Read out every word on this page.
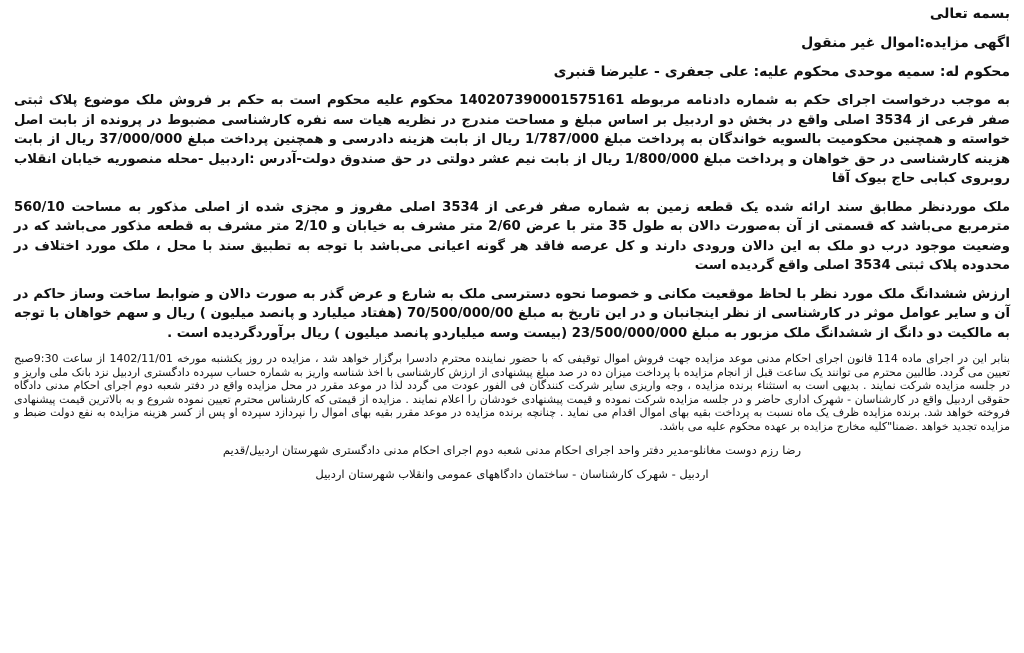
بسمه تعالی
اگهی مزایده:اموال غیر منقول
محکوم له: سمیه موحدی محکوم علیه: علی جعفری - علیرضا قنبری

به موجب درخواست اجرای حکم به شماره دادنامه مربوطه 140207390001575161 محکوم علیه محکوم است به حکم بر فروش ملک موضوع پلاک ثبتی صفر فرعی از 3534 اصلی واقع در بخش دو اردبیل بر اساس مبلغ و مساحت مندرج در نظریه هیات سه نفره کارشناسی مضبوط در پرونده از بابت اصل خواسته و همچنین محکومیت بالسویه خواندگان به پرداخت مبلغ 1/787/000 ریال از بابت هزینه دادرسی و همچنین پرداخت مبلغ 37/000/000 ریال از بابت هزینه کارشناسی در حق خواهان و پرداخت مبلغ 1/800/000 ریال از بابت نیم عشر دولتی در حق صندوق دولت-آدرس :اردبیل -محله منصوریه خیابان انقلاب روبروی کبابی حاج بیوک آقا

ملک موردنظر مطابق سند ارائه شده یک قطعه زمین به شماره صفر فرعی از 3534 اصلی مفروز و مجزی شده از اصلی مذکور به مساحت 560/10 مترمربع می‌باشد که قسمتی از آن به‌صورت دالان به طول 35 متر با عرض 2/60 متر مشرف به خیابان و 2/10 متر مشرف به قطعه مذکور می‌باشد که در وضعیت موجود درب دو ملک به این دالان ورودی دارند و کل عرصه فاقد هر گونه اعیانی می‌باشد با توجه به تطبیق سند با محل ، ملک مورد اختلاف در محدوده پلاک ثبتی 3534 اصلی واقع گردیده است

ارزش ششدانگ ملک مورد نظر با لحاظ موقعیت مکانی و خصوصا نحوه دسترسی ملک به شارع و عرض گذر به صورت دالان و ضوابط ساخت وساز حاکم در آن و سایر عوامل موثر در کارشناسی از نظر اینجانبان و در این تاریخ به مبلغ 70/500/000/00 (هفتاد میلیارد و پانصد میلیون ) ریال و سهم خواهان با توجه به مالکیت دو دانگ از ششدانگ ملک مزبور به مبلغ 23/500/000/000 (بیست وسه میلیاردو پانصد میلیون ) ریال برآوردگردیده است .

بنابر این در اجرای ماده 114 قانون اجرای احکام مدنی موعد مزایده جهت فروش اموال توقیفی که با حضور نماینده محترم دادسرا برگزار خواهد شد ، مزایده در روز یکشنبه مورخه 1402/11/01 از ساعت 9:30صبح تعیین می گردد. طالبین محترم می توانند یک ساعت قبل از انجام مزایده با پرداخت میزان ده در صد مبلغ پیشنهادی از ارزش کارشناسی با اخذ شناسه واریز به شماره حساب سپرده دادگستری اردبیل نزد بانک ملی واریز و در جلسه مزایده شرکت نمایند . بدیهی است به استثناء برنده مزایده ، وجه واریزی سایر شرکت کنندگان فی الفور عودت می گردد لذا در موعد مقرر در محل مزایده واقع در دفتر شعبه دوم اجرای احکام مدنی دادگاه حقوقی اردبیل واقع در کارشناسان - شهرک اداری حاضر و در جلسه مزایده شرکت نموده و قیمت پیشنهادی خودشان را اعلام نمایند . مزایده از قیمتی که کارشناس محترم تعیین نموده شروع و به بالاترین قیمت پیشنهادی فروخته خواهد شد. برنده مزایده ظرف یک ماه نسبت به پرداخت بقیه بهای اموال اقدام می نماید . چنانچه برنده مزایده در موعد مقرر بقیه بهای اموال را نپردازد سپرده او پس از کسر هزینه مزایده به نفع دولت ضبط و مزایده تجدید خواهد .ضمنا"کلیه مخارج مزایده بر عهده محکوم علیه می باشد.

رضا رزم دوست مغانلو-مدیر دفتر واحد اجرای احکام مدنی شعبه دوم اجرای احکام مدنی دادگستری شهرستان اردبیل/قدیم
اردبیل - شهرک کارشناسان - ساختمان دادگاههای عمومی وانقلاب شهرستان اردبیل
